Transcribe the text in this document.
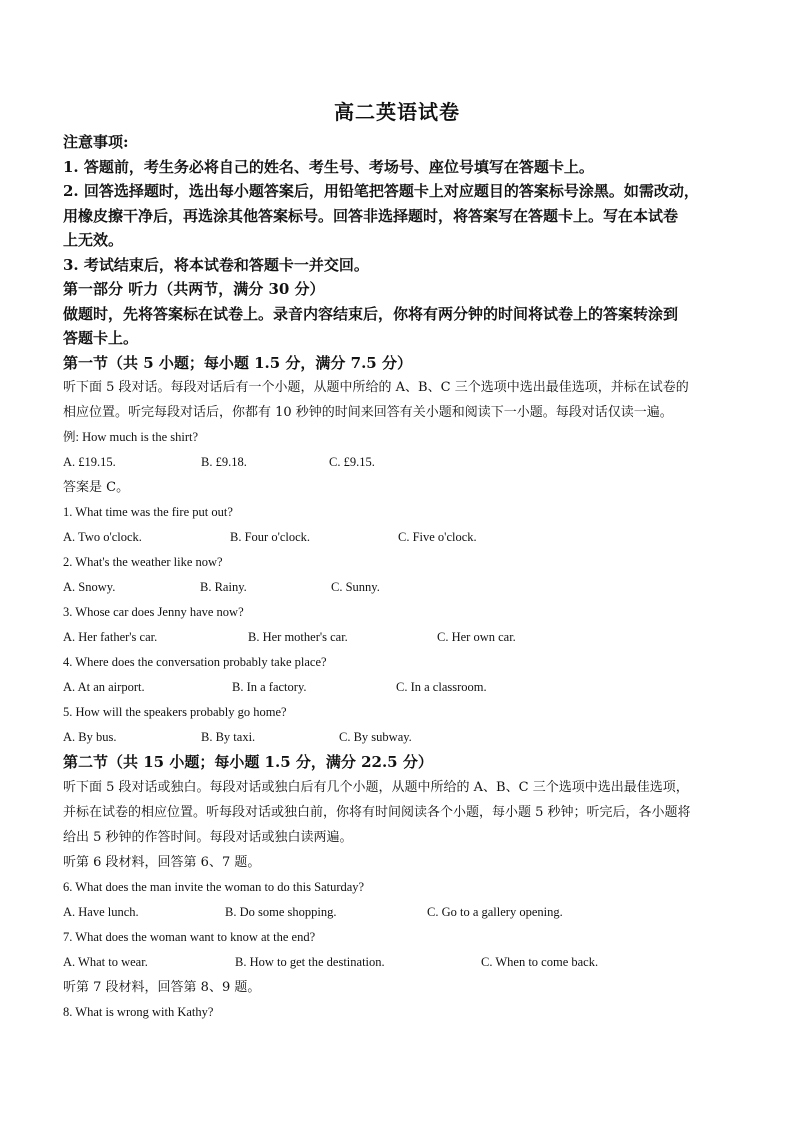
高二英语试卷

注意事项:

1. 答题前，考生务必将自己的姓名、考生号、考场号、座位号填写在答题卡上。

2. 回答选择题时，选出每小题答案后，用铅笔把答题卡上对应题目的答案标号涂黑。如需改动，

用橡皮擦干净后，再选涂其他答案标号。回答非选择题时，将答案写在答题卡上。写在本试卷

上无效。

3. 考试结束后，将本试卷和答题卡一并交回。

第一部分 听力（共两节，满分 30 分）

做题时，先将答案标在试卷上。录音内容结束后，你将有两分钟的时间将试卷上的答案转涂到

答题卡上。

第一节（共 5 小题；每小题 1.5 分，满分 7.5 分）

听下面 5 段对话。每段对话后有一个小题，从题中所给的 A、B、C 三个选项中选出最佳选项，并标在试卷的

相应位置。听完每段对话后，你都有 10 秒钟的时间来回答有关小题和阅读下一小题。每段对话仅读一遍。

例: How much is the shirt?

A. £19.15.	B. £9.18.	C. £9.15.

答案是 C。

1. What time was the fire put out?

A. Two o'clock.	B. Four o'clock.	C. Five o'clock.

2. What's the weather like now?

A. Snowy.	B. Rainy.	C. Sunny.

3. Whose car does Jenny have now?

A. Her father's car.	B. Her mother's car.	C. Her own car.

4. Where does the conversation probably take place?

A. At an airport.	B. In a factory.	C. In a classroom.

5. How will the speakers probably go home?

A. By bus.	B. By taxi.	C. By subway.

第二节（共 15 小题；每小题 1.5 分，满分 22.5 分）

听下面 5 段对话或独白。每段对话或独白后有几个小题，从题中所给的 A、B、C 三个选项中选出最佳选项，

并标在试卷的相应位置。听每段对话或独白前，你将有时间阅读各个小题，每小题 5 秒钟；听完后，各小题将

给出 5 秒钟的作答时间。每段对话或独白读两遍。

听第 6 段材料，回答第 6、7 题。

6. What does the man invite the woman to do this Saturday?

A. Have lunch.	B. Do some shopping.	C. Go to a gallery opening.

7. What does the woman want to know at the end?

A. What to wear.	B. How to get the destination.	C. When to come back.

听第 7 段材料，回答第 8、9 题。

8. What is wrong with Kathy?
